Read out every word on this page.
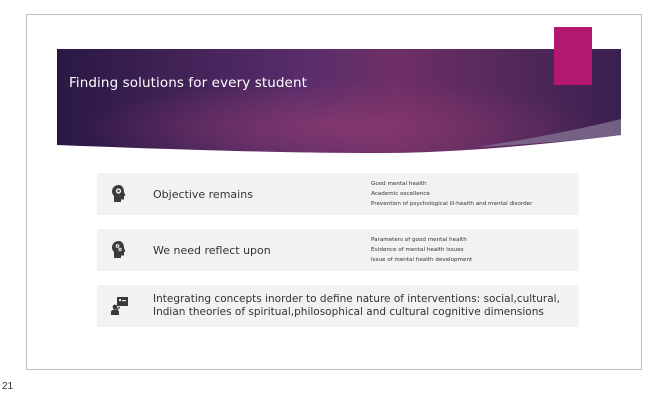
Finding solutions for every student
Objective remains
Good mental health
Academic excellence
Prevention of psychological ill-health and mental disorder
We need reflect upon
Parameters of good mental health
Evidence of mental health issues
Issue of mental health development
Integrating concepts inorder to define nature of interventions: social,cultural, Indian theories of spiritual,philosophical and cultural cognitive dimensions
21
